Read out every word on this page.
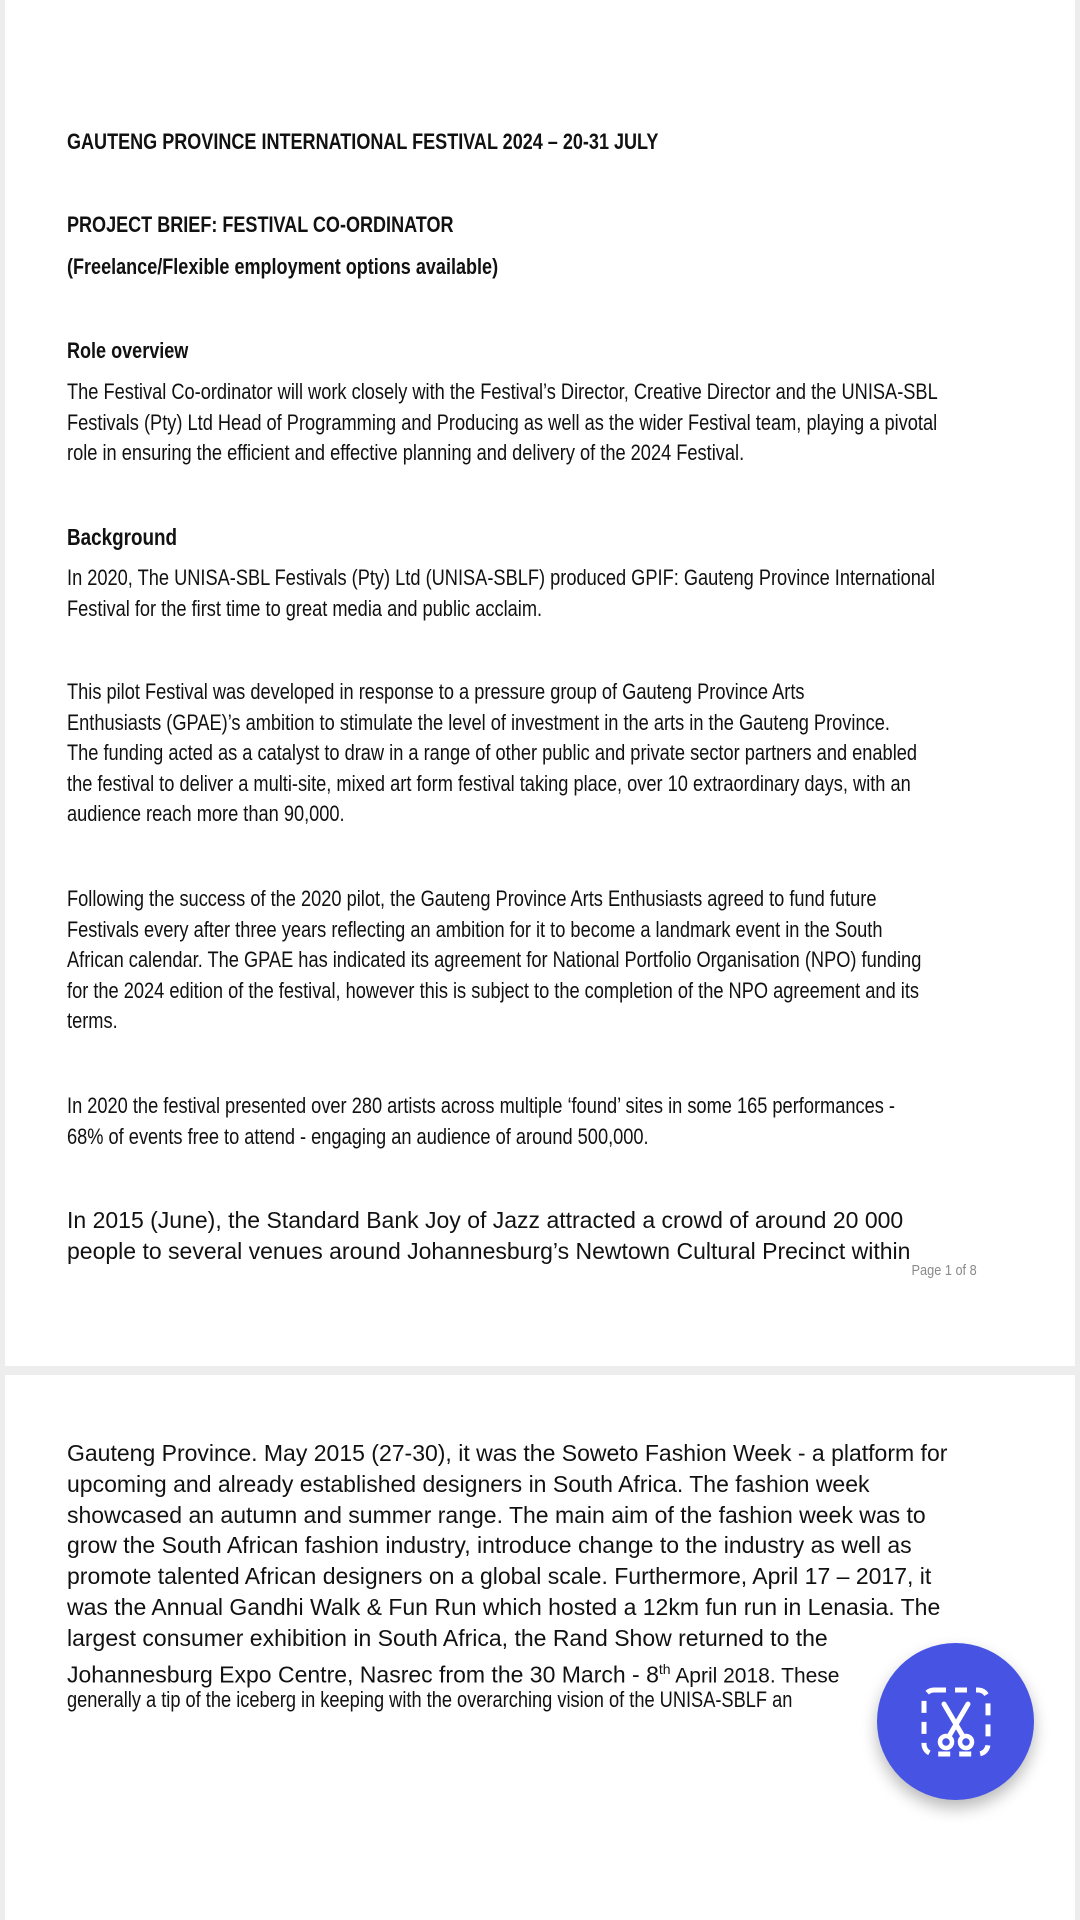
GAUTENG PROVINCE INTERNATIONAL FESTIVAL 2024 – 20-31 JULY

PROJECT BRIEF: FESTIVAL CO-ORDINATOR

(Freelance/Flexible employment options available)

Role overview

The Festival Co-ordinator will work closely with the Festival’s Director, Creative Director and the UNISA-SBL
Festivals (Pty) Ltd Head of Programming and Producing as well as the wider Festival team, playing a pivotal
role in ensuring the efficient and effective planning and delivery of the 2024 Festival.

Background

In 2020, The UNISA-SBL Festivals (Pty) Ltd (UNISA-SBLF) produced GPIF: Gauteng Province International
Festival for the first time to great media and public acclaim.
This pilot Festival was developed in response to a pressure group of Gauteng Province Arts
Enthusiasts (GPAE)’s ambition to stimulate the level of investment in the arts in the Gauteng Province.
The funding acted as a catalyst to draw in a range of other public and private sector partners and enabled
the festival to deliver a multi-site, mixed art form festival taking place, over 10 extraordinary days, with an
audience reach more than 90,000.
Following the success of the 2020 pilot, the Gauteng Province Arts Enthusiasts agreed to fund future
Festivals every after three years reflecting an ambition for it to become a landmark event in the South
African calendar. The GPAE has indicated its agreement for National Portfolio Organisation (NPO) funding
for the 2024 edition of the festival, however this is subject to the completion of the NPO agreement and its
terms.
In 2020 the festival presented over 280 artists across multiple ‘found’ sites in some 165 performances -
68% of events free to attend - engaging an audience of around 500,000.
In 2015 (June), the Standard Bank Joy of Jazz attracted a crowd of around 20 000
people to several venues around Johannesburg’s Newtown Cultural Precinct within

Page 1 of 8

Gauteng Province. May 2015 (27-30), it was the Soweto Fashion Week - a platform for
upcoming and already established designers in South Africa. The fashion week
showcased an autumn and summer range. The main aim of the fashion week was to
grow the South African fashion industry, introduce change to the industry as well as
promote talented African designers on a global scale. Furthermore, April 17 – 2017, it
was the Annual Gandhi Walk & Fun Run which hosted a 12km fun run in Lenasia. The
largest consumer exhibition in South Africa, the Rand Show returned to the
Johannesburg Expo Centre, Nasrec from the 30 March - 8th April 2018. These

generally a tip of the iceberg in keeping with the overarching vision of the UNISA-SBLF an
